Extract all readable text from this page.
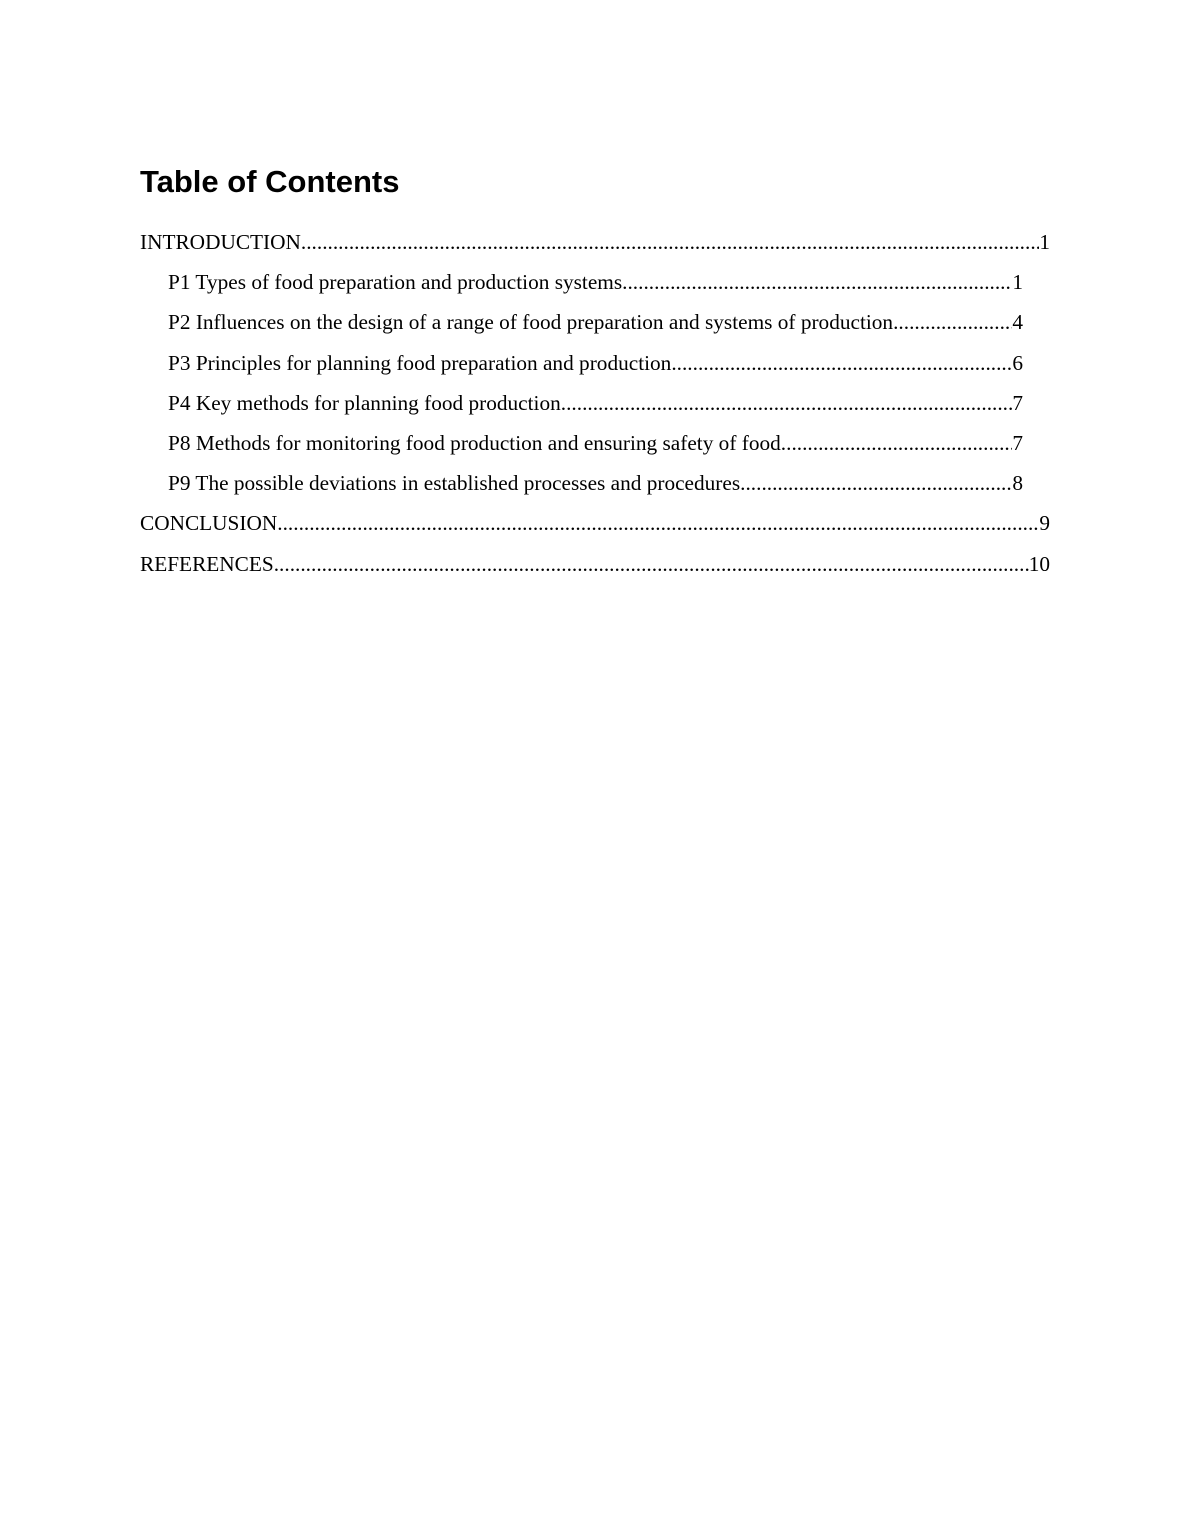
Table of Contents
INTRODUCTION .....	1
P1 Types of food preparation and production systems .....	1
P2 Influences on the design of a range of food preparation and systems of production .....	4
P3 Principles for planning food preparation and production .....	6
P4 Key methods for planning food production .....	7
P8 Methods for monitoring food production and ensuring safety of food .....	7
P9 The possible deviations in established processes and procedures .....	8
CONCLUSION .....	9
REFERENCES .....	10
